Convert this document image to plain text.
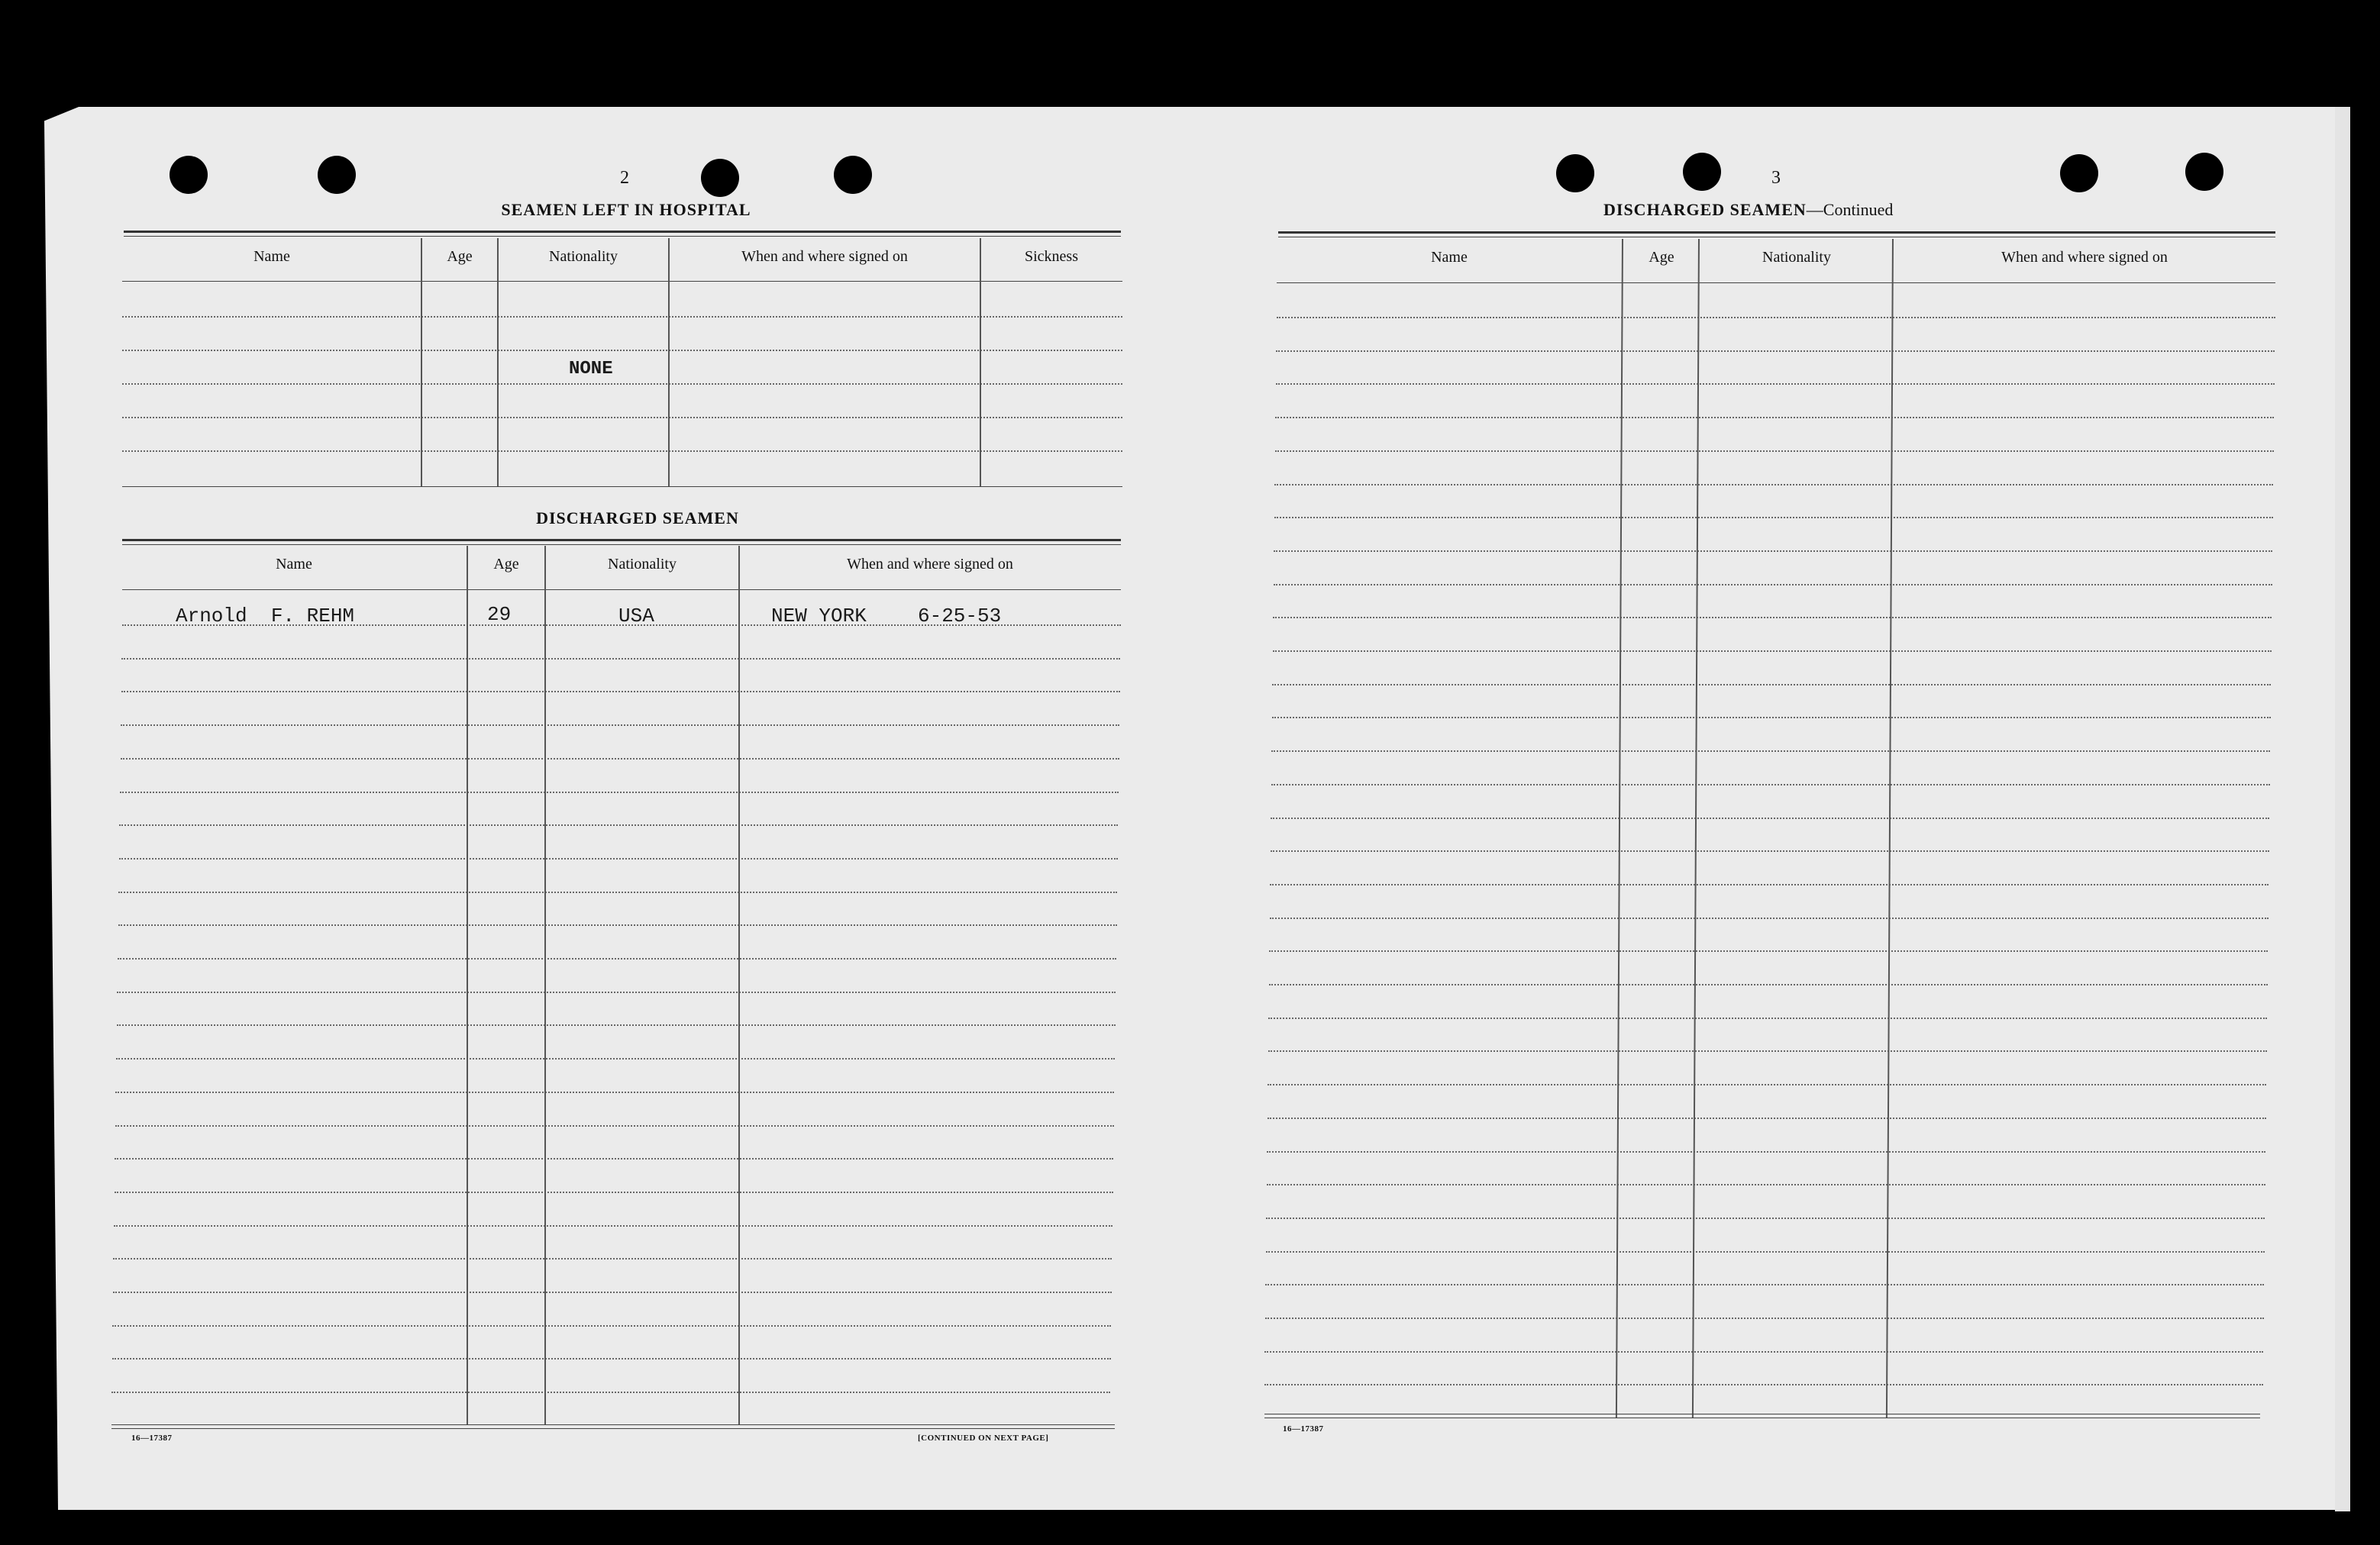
2
SEAMEN LEFT IN HOSPITAL
Name	Age	Nationality	When and where signed on	Sickness
NONE
DISCHARGED SEAMEN
Name	Age	Nationality	When and where signed on
Arnold  F. REHM	29	USA	NEW YORK	6-25-53
16—17387	[CONTINUED ON NEXT PAGE]
3
DISCHARGED SEAMEN—Continued
Name	Age	Nationality	When and where signed on
16—17387
